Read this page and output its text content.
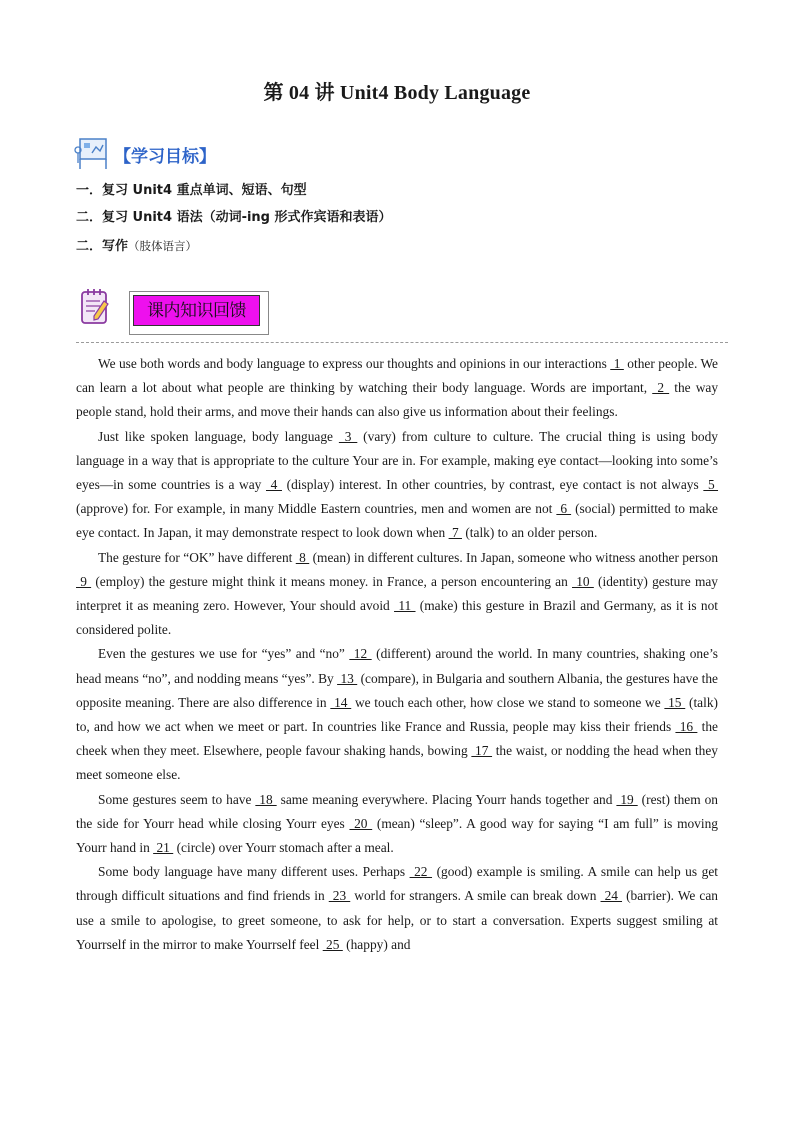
第 04 讲 Unit4 Body Language
【学习目标】
一．复习 Unit4 重点单词、短语、句型
二．复习 Unit4 语法（动词-ing 形式作宾语和表语）
二．写作（肢体语言）
课内知识回馈

We use both words and body language to express our thoughts and opinions in our interactions  1  other people. We can learn a lot about what people are thinking by watching their body language. Words are important,  2  the way people stand, hold their arms, and move their hands can also give us information about their feelings.

Just like spoken language, body language  3  (vary) from culture to culture. The crucial thing is using body language in a way that is appropriate to the culture Your are in. For example, making eye contact—looking into some’s eyes—in some countries is a way  4  (display) interest. In other countries, by contrast, eye contact is not always  5  (approve) for. For example, in many Middle Eastern countries, men and women are not  6  (social) permitted to make eye contact. In Japan, it may demonstrate respect to look down when  7  (talk) to an older person.

The gesture for “OK” have different  8  (mean) in different cultures. In Japan, someone who witness another person  9  (employ) the gesture might think it means money. in France, a person encountering an  10  (identity) gesture may interpret it as meaning zero. However, Your should avoid  11  (make) this gesture in Brazil and Germany, as it is not considered polite.

Even the gestures we use for “yes” and “no”  12  (different) around the world. In many countries, shaking one’s head means “no”, and nodding means “yes”. By  13  (compare), in Bulgaria and southern Albania, the gestures have the opposite meaning. There are also difference in  14  we touch each other, how close we stand to someone we  15  (talk) to, and how we act when we meet or part. In countries like France and Russia, people may kiss their friends  16  the cheek when they meet. Elsewhere, people favour shaking hands, bowing  17  the waist, or nodding the head when they meet someone else.

Some gestures seem to have  18  same meaning everywhere. Placing Yourr hands together and  19  (rest) them on the side for Yourr head while closing Yourr eyes  20  (mean) “sleep”. A good way for saying “I am full” is moving Yourr hand in  21  (circle) over Yourr stomach after a meal.

Some body language have many different uses. Perhaps  22  (good) example is smiling. A smile can help us get through difficult situations and find friends in  23  world for strangers. A smile can break down  24  (barrier). We can use a smile to apologise, to greet someone, to ask for help, or to start a conversation. Experts suggest smiling at Yourrself in the mirror to make Yourrself feel  25  (happy) and
